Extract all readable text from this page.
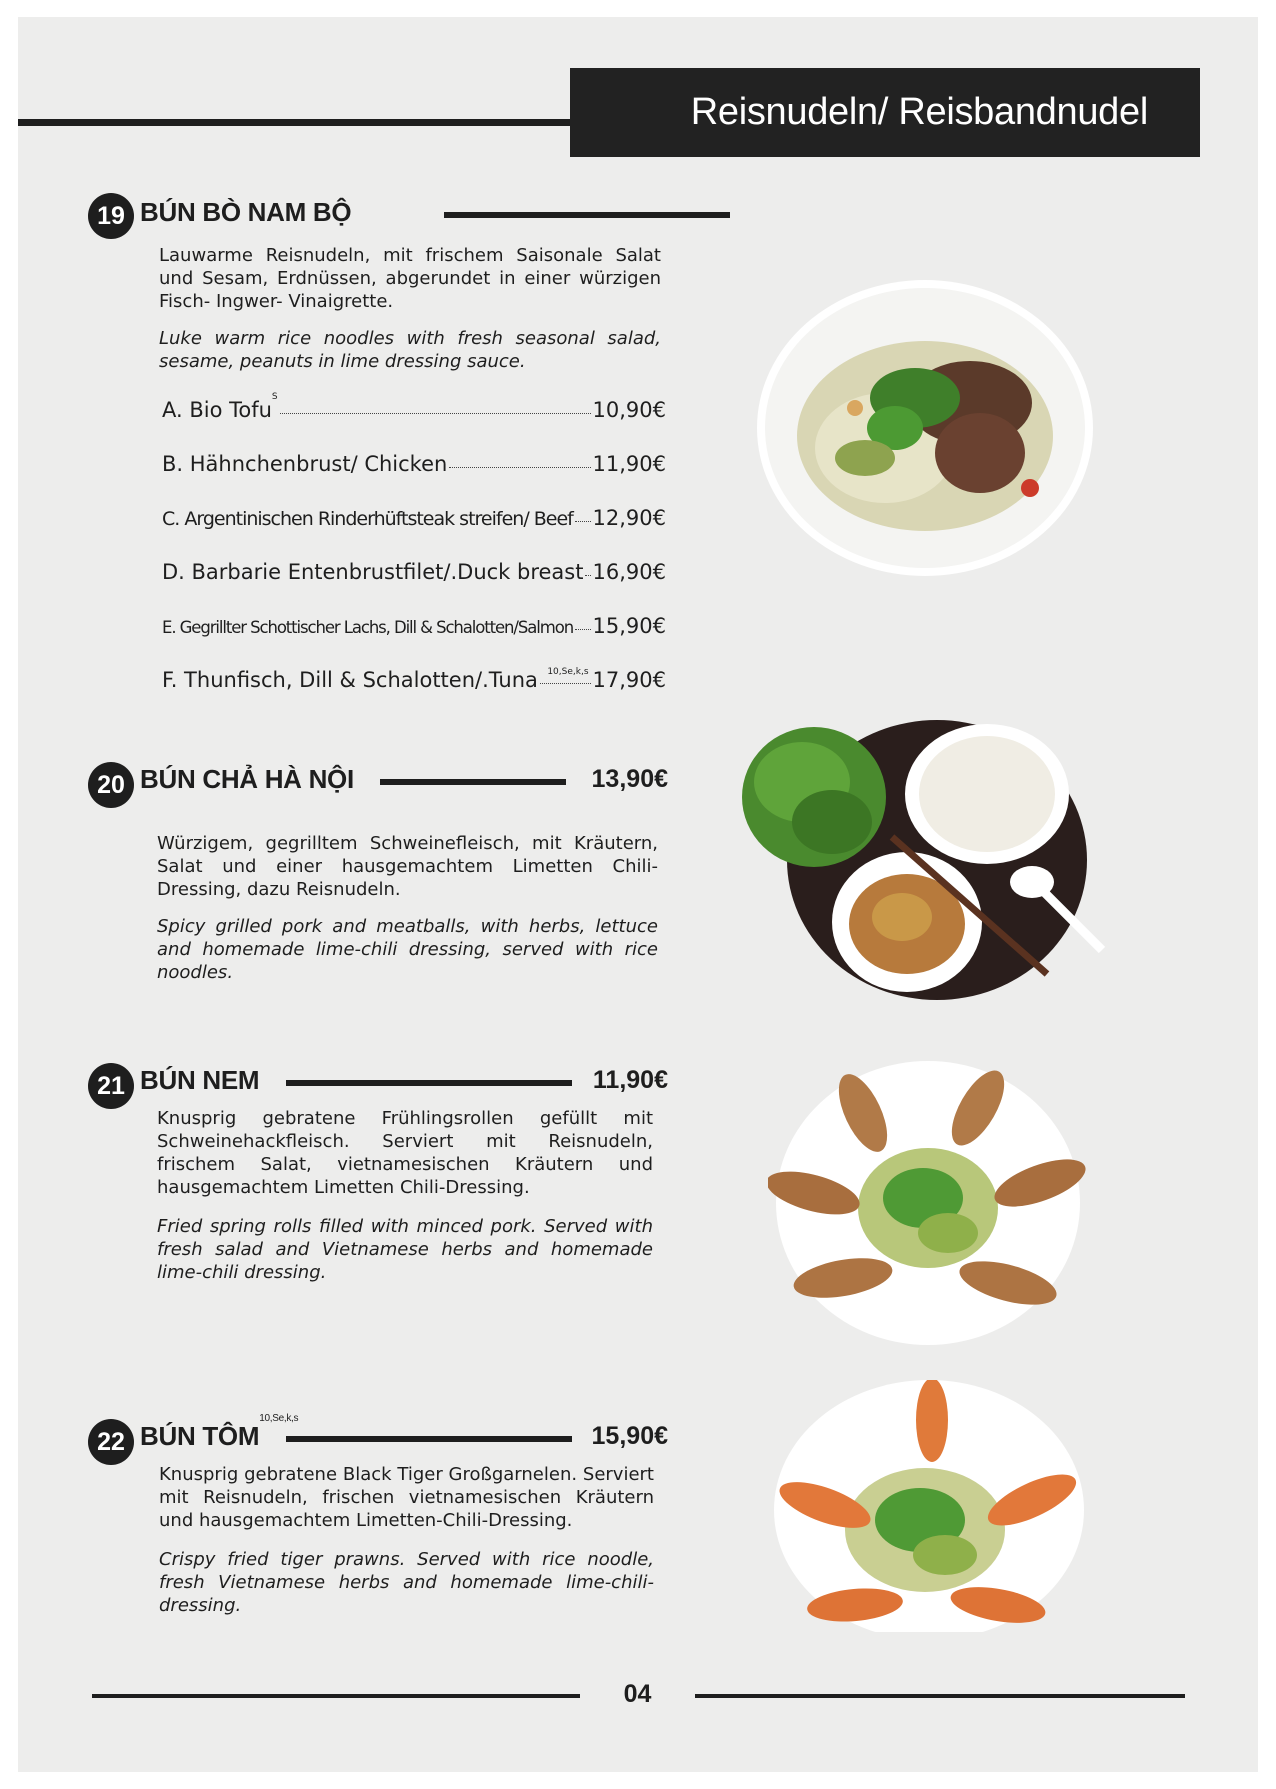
Reisnudeln/ Reisbandnudel
19 BÚN BÒ NAM BỘ

Lauwarme Reisnudeln, mit frischem Saisonale Salat und Sesam, Erdnüssen, abgerundet in einer würzigen Fisch- Ingwer- Vinaigrette.

Luke warm rice noodles with fresh seasonal salad, sesame, peanuts in lime dressing sauce.

A. Bio Tofu$^S$
10,90€
B. Hähnchenbrust/ Chicken	11,90€
C. Argentinischen Rinderhüftsteak streifen/ Beef 12,90€
D. Barbarie Entenbrustfilet/.Duck breast 16,90€
E. Gegrillter Schottischer Lachs, Dill & Schalotten/Salmon 15,90€
F. Thunfisch, Dill & Schalotten/.Tuna 10,Se,k,s 17,90€
20 BÚN CHẢ HÀ NỘI	13,90€

Würzigem, gegrilltem Schweinefleisch, mit Kräutern, Salat und einer hausgemachtem Limetten Chili-Dressing, dazu Reisnudeln.

Spicy grilled pork and meatballs, with herbs, lettuce and homemade lime-chili dressing, served with rice noodles.

21 BÚN NEM	11,90€

Knusprig gebratene Frühlingsrollen gefüllt mit Schweinehackfleisch. Serviert mit Reisnudeln, frischem Salat, vietnamesischen Kräutern und hausgemachtem Limetten Chili-Dressing.

Fried spring rolls filled with minced pork. Served with fresh salad and Vietnamese herbs and homemade lime-chili dressing.

22 BÚN $TÔM^{10,Se,k,s}$
15,90€

Knusprig gebratene Black Tiger Großgarnelen. Serviert mit Reisnudeln, frischen vietnamesischen Kräutern und hausgemachtem Limetten-Chili-Dressing.

Crispy fried tiger prawns. Served with rice noodle, fresh Vietnamese herbs and homemade lime-chili-dressing.

04
